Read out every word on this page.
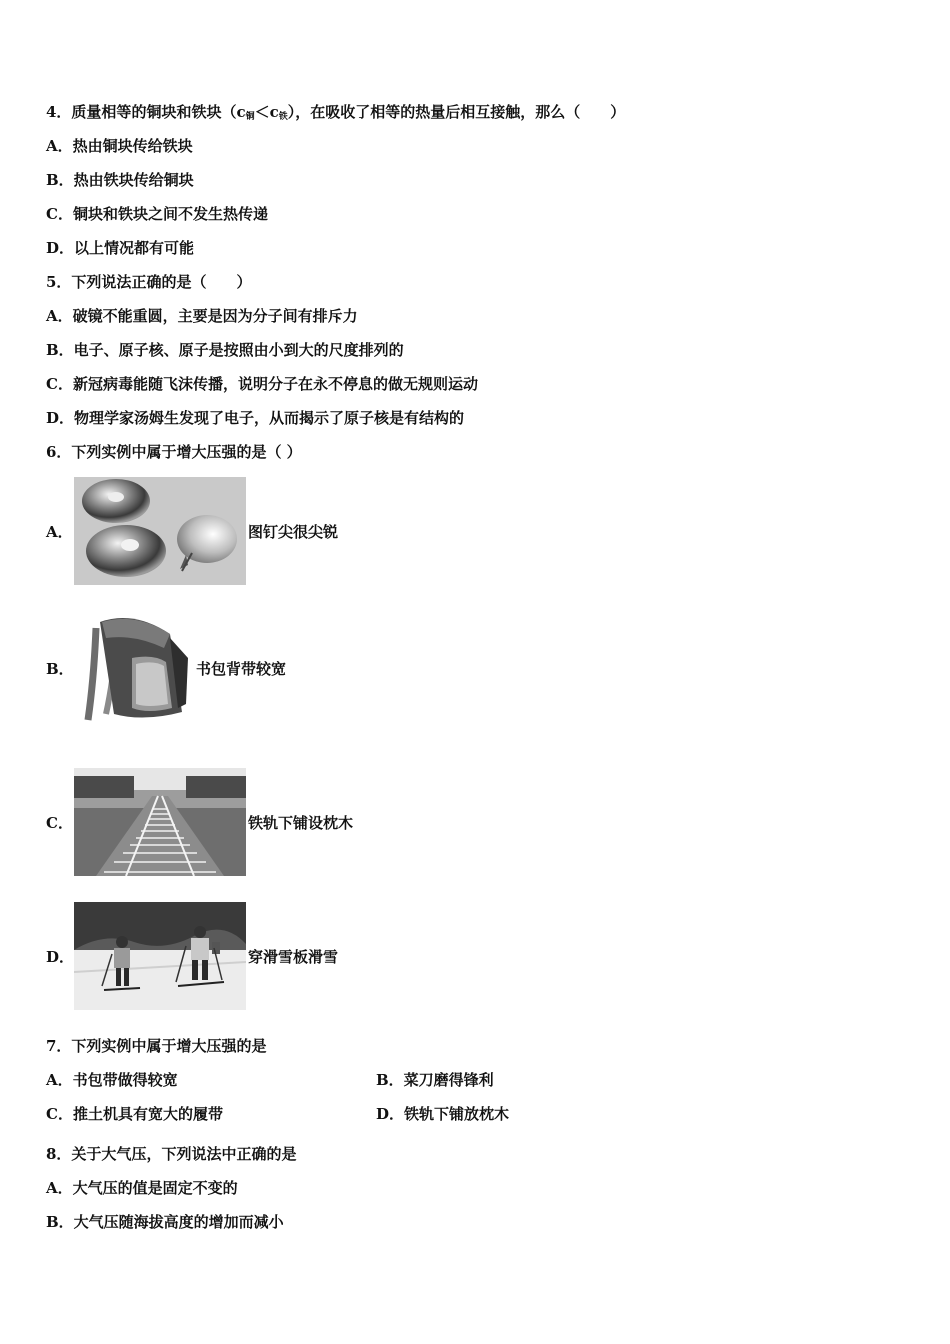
4．质量相等的铜块和铁块$(c_铜<c_铁)$，在吸收了相等的热量后相互接触，那么（　　）
A．热由铜块传给铁块
B．热由铁块传给铜块
C．铜块和铁块之间不发生热传递
D．以上情况都有可能
5．下列说法正确的是（　　）
A．破镜不能重圆，主要是因为分子间有排斥力
B．电子、原子核、原子是按照由小到大的尺度排列的
C．新冠病毒能随飞沫传播，说明分子在永不停息的做无规则运动
D．物理学家汤姆生发现了电子，从而揭示了原子核是有结构的
6．下列实例中属于增大压强的是（ ）
A．	图钉尖很尖锐
B．	书包背带较宽
C．	铁轨下铺设枕木
D．	穿滑雪板滑雪
7．下列实例中属于增大压强的是
A．书包带做得较宽	B．菜刀磨得锋利
C．推土机具有宽大的履带	D．铁轨下铺放枕木
8．关于大气压，下列说法中正确的是
A．大气压的值是固定不变的
B．大气压随海拔高度的增加而减小
